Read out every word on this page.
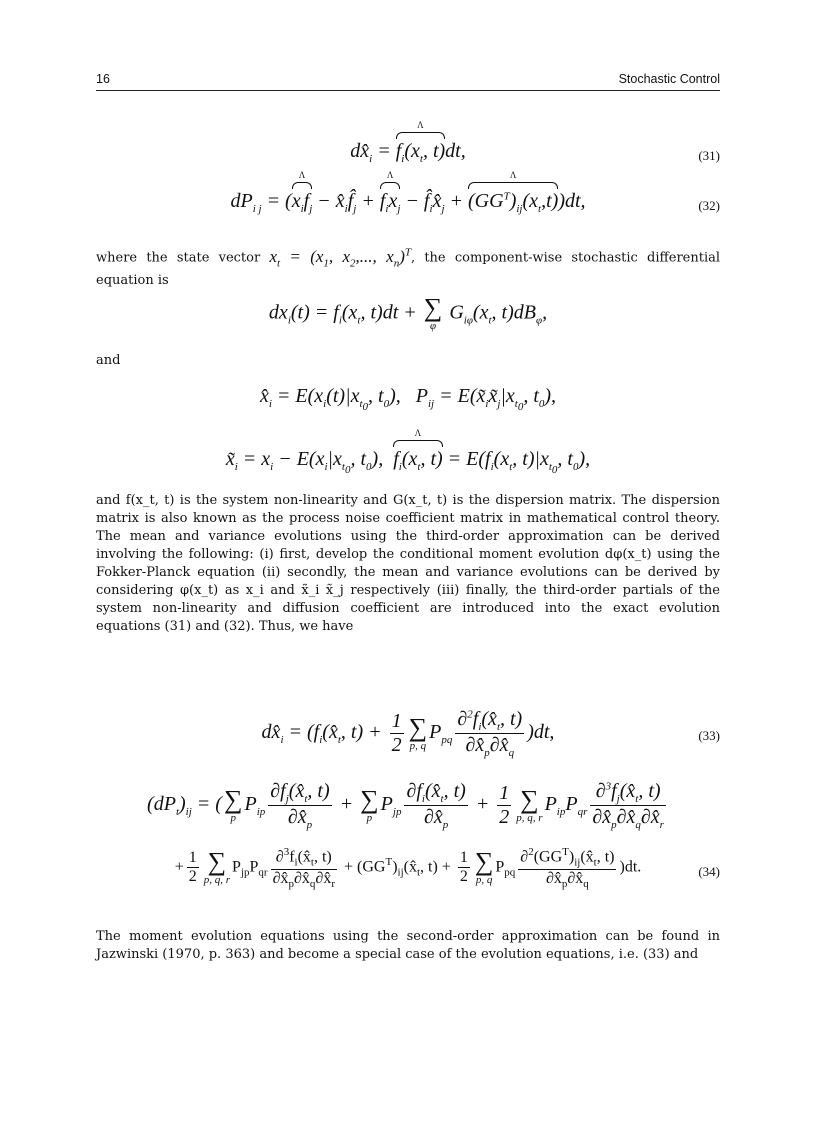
16	Stochastic Control
$dx̂_i = f_i(x_t$, t) Λdt,	(31)
$dP_{i j} = (x_if_j$ $\Lambda - x̂_if̂_j + f_ix_j$ $\Lambda - f̂_ix̂_j + (GG^T)_{ij}(x_t,t)$ Λ)dt,	(32)
where the state vector $x_t = (x_1$, $x_2$,..., $x_n)^T$, the component-wise stochastic differential equation is
$dx_i(t) = f_i(x_t$, t)dt + ∑
φ
$G_{i\varphi}(x_t$, $t)dB_\varphi$,
and
$x̂_i = E(x_i(t)|x_{t_0}$, $t_0$),   $P_{ij}$ = $E(x̃_ix̃_j|x_{t_0}$, $t_0$),
$x̃_i = x_i - E(x_i|x_{t_0}$, $t_0$),  $f_i(x_t$, t) $\Lambda = E(f_i(x_t$, $t)|x_{t_0}$, $t_0$),
and f(x_t, t) is the system non-linearity and G(x_t, t) is the dispersion matrix. The dispersion matrix is also known as the process noise coefficient matrix in mathematical control theory. The mean and variance evolutions using the third-order approximation can be derived involving the following: (i) first, develop the conditional moment evolution dφ(x_t) using the Fokker-Planck equation (ii) secondly, the mean and variance evolutions can be derived by considering φ(x_t) as x_i and x̃_i x̃_j respectively (iii) finally, the third-order partials of the system non-linearity and diffusion coefficient are introduced into the exact evolution equations (31) and (32). Thus, we have
$dx̂_i$ = ($f_i(x̂_t$, $t) + \frac{1}{2}$ ∑
p, q
$P_{pq} \frac{\partial^2f_i(x̂_t, t)}{\partial x̂_p\partial x̂_q} )dt$,	(33)
$(dP_t)_{ij}$ = ( ∑
p
$P_{ip} \frac{\partial f_j(x̂_t, t)}{\partial x̂_p}$ + ∑
p
$P_{jp} \frac{\partial f_i(x̂_t, t)}{\partial x̂_p} + \frac{1}{2}$ ∑
p, q, r
$P_{ip}P_{qr} \frac{\partial^3f_j(x̂_t, t)}{\partial x̂_p\partial x̂_q\partial x̂_r}$
+ $\frac{1}{2}$ ∑
p, q, r
$P_{jp}P_{qr} \frac{\partial^3f_i(x̂_t, t)}{\partial x̂_p\partial x̂_q\partial x̂_r}$ + $(GG^T)_{ij}(x̂_t$, $t) + \frac{1}{2}$ ∑
p, q
$P_{pq} \frac{\partial^2(GG^T)_{ij}(x̂_t, t)}{\partial x̂_p\partial x̂_q} )dt$.	(34)
The moment evolution equations using the second-order approximation can be found in Jazwinski (1970, p. 363) and become a special case of the evolution equations, i.e. (33) and
